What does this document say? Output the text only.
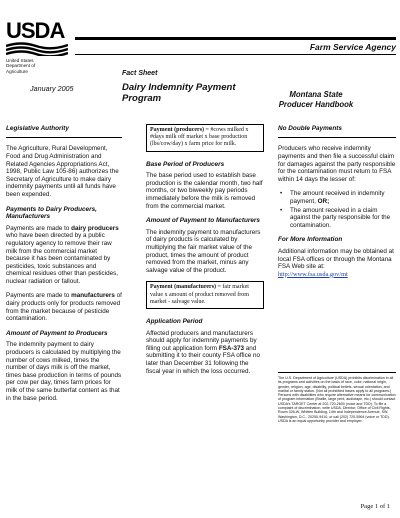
USDA
United States
Department of
Agriculture
Farm Service Agency
January 2005
Fact Sheet
Dairy Indemnity Payment
Program	Montana State
Producer Handbook
Legislative Authority

The Agriculture, Rural Development, Food and Drug Administration and Related Agencies Appropriations Act, 1998, Public Law 105-86) authorizes the Secretary of Agriculture to make dairy indemnity payments until all funds have been expended.

Payments to Dairy Producers, Manufacturers

Payments are made to dairy producers who have been directed by a public regulatory agency to remove their raw milk from the commercial market because it has been contaminated by pesticides, toxic substances and chemical residues other than pesticides, nuclear radiation or fallout.

Payments are made to manufacturers of dairy products only for products removed from the market because of pesticide contamination.

Amount of Payment to Producers

The indemnity payment to dairy producers is calculated by multiplying the number of cows milked, times the number of days milk is off the market, times base production in terms of pounds per cow per day, times farm prices for milk of the same butterfat content as that in the base period.

Payment (producers) = #cows milked x #days milk off market x base production (lbs/cow/day) x farm price for milk.
Base Period of Producers

The base period used to establish base production is the calendar month, two half months, or two biweekly pay periods immediately before the milk is removed from the commercial market.

Amount of Payment to Manufacturers

The indemnity payment to manufacturers of dairy products is calculated by multiplying the fair market value of the product, times the amount of product removed from the market, minus any salvage value of the product.

Payment (manufacturers) = fair market value x amount of product removed from market - salvage value.
Application Period

Affected producers and manufacturers should apply for indemnity payments by filling out application form FSA-373 and submitting it to their county FSA office no later than December 31 following the fiscal year in which the loss occurred.

No Double Payments

Producers who receive indemnity payments and then file a successful claim for damages against the party responsible for the contamination must return to FSA within 14 days the lesser of:

• The amount received in indemnity payment, OR;
• The amount received in a claim against the party responsible for the contamination.
For More Information

Additional information may be obtained at local FSA offices or through the Montana FSA Web site at: http://www.fsa.usda.gov/mt

The U.S. Department of Agriculture (USDA) prohibits discrimination in all its programs and activities on the basis of race, color, national origin, gender, religion, age, disability, political beliefs, sexual orientation, and marital or family status. (Not all prohibited bases apply to all programs.) Persons with disabilities who require alternative means for communication of program information (Braille, large print, audiotape, etc.) should contact USDA's TARGET Center at 202-720-2600 (voice and TDD). To file a complaint of discrimination, write USDA, Director, Office of Civil Rights, Room 326-W, Whitten Building, 14th and Independence Avenue, SW, Washington, D.C., 20250-9410, or call (202) 720-5964 (voice or TDD). USDA is an equal opportunity provider and employer.
Page 1 of 1
